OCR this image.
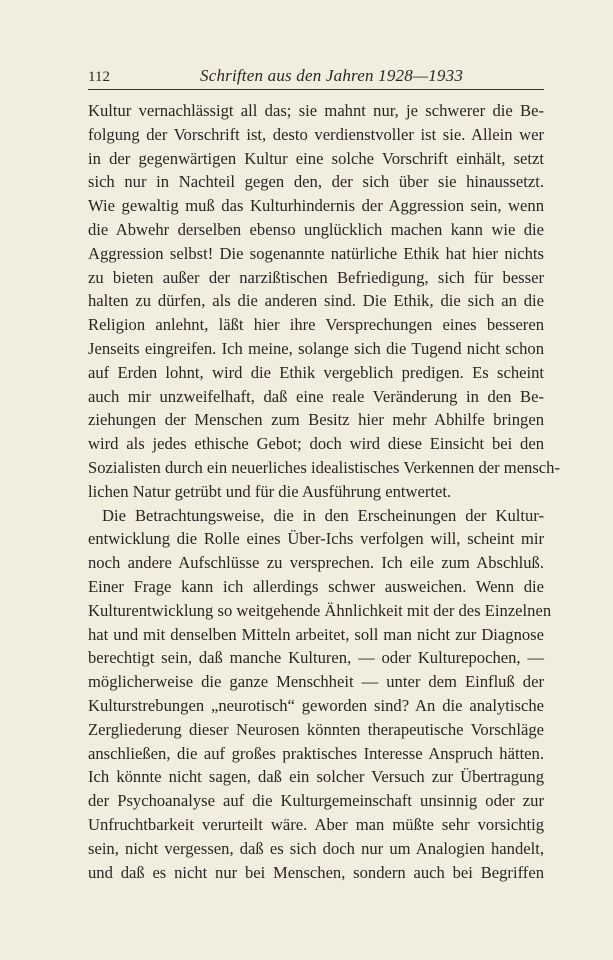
112	Schriften aus den Jahren 1928—1933
Kultur vernachlässigt all das; sie mahnt nur, je schwerer die Be-
folgung der Vorschrift ist, desto verdienstvoller ist sie. Allein wer
in der gegenwärtigen Kultur eine solche Vorschrift einhält, setzt
sich nur in Nachteil gegen den, der sich über sie hinaussetzt.
Wie gewaltig muß das Kulturhindernis der Aggression sein, wenn
die Abwehr derselben ebenso unglücklich machen kann wie die
Aggression selbst! Die sogenannte natürliche Ethik hat hier nichts
zu bieten außer der narzißtischen Befriedigung, sich für besser
halten zu dürfen, als die anderen sind. Die Ethik, die sich an die
Religion anlehnt, läßt hier ihre Versprechungen eines besseren
Jenseits eingreifen. Ich meine, solange sich die Tugend nicht schon
auf Erden lohnt, wird die Ethik vergeblich predigen. Es scheint
auch mir unzweifelhaft, daß eine reale Veränderung in den Be-
ziehungen der Menschen zum Besitz hier mehr Abhilfe bringen
wird als jedes ethische Gebot; doch wird diese Einsicht bei den
Sozialisten durch ein neuerliches idealistisches Verkennen der mensch-
lichen Natur getrübt und für die Ausführung entwertet.
Die Betrachtungsweise, die in den Erscheinungen der Kultur-
entwicklung die Rolle eines Über-Ichs verfolgen will, scheint mir
noch andere Aufschlüsse zu versprechen. Ich eile zum Abschluß.
Einer Frage kann ich allerdings schwer ausweichen. Wenn die
Kulturentwicklung so weitgehende Ähnlichkeit mit der des Einzelnen
hat und mit denselben Mitteln arbeitet, soll man nicht zur Diagnose
berechtigt sein, daß manche Kulturen, — oder Kulturepochen, —
möglicherweise die ganze Menschheit — unter dem Einfluß der
Kulturstrebungen „neurotisch“ geworden sind? An die analytische
Zergliederung dieser Neurosen könnten therapeutische Vorschläge
anschließen, die auf großes praktisches Interesse Anspruch hätten.
Ich könnte nicht sagen, daß ein solcher Versuch zur Übertragung
der Psychoanalyse auf die Kulturgemeinschaft unsinnig oder zur
Unfruchtbarkeit verurteilt wäre. Aber man müßte sehr vorsichtig
sein, nicht vergessen, daß es sich doch nur um Analogien handelt,
und daß es nicht nur bei Menschen, sondern auch bei Begriffen
